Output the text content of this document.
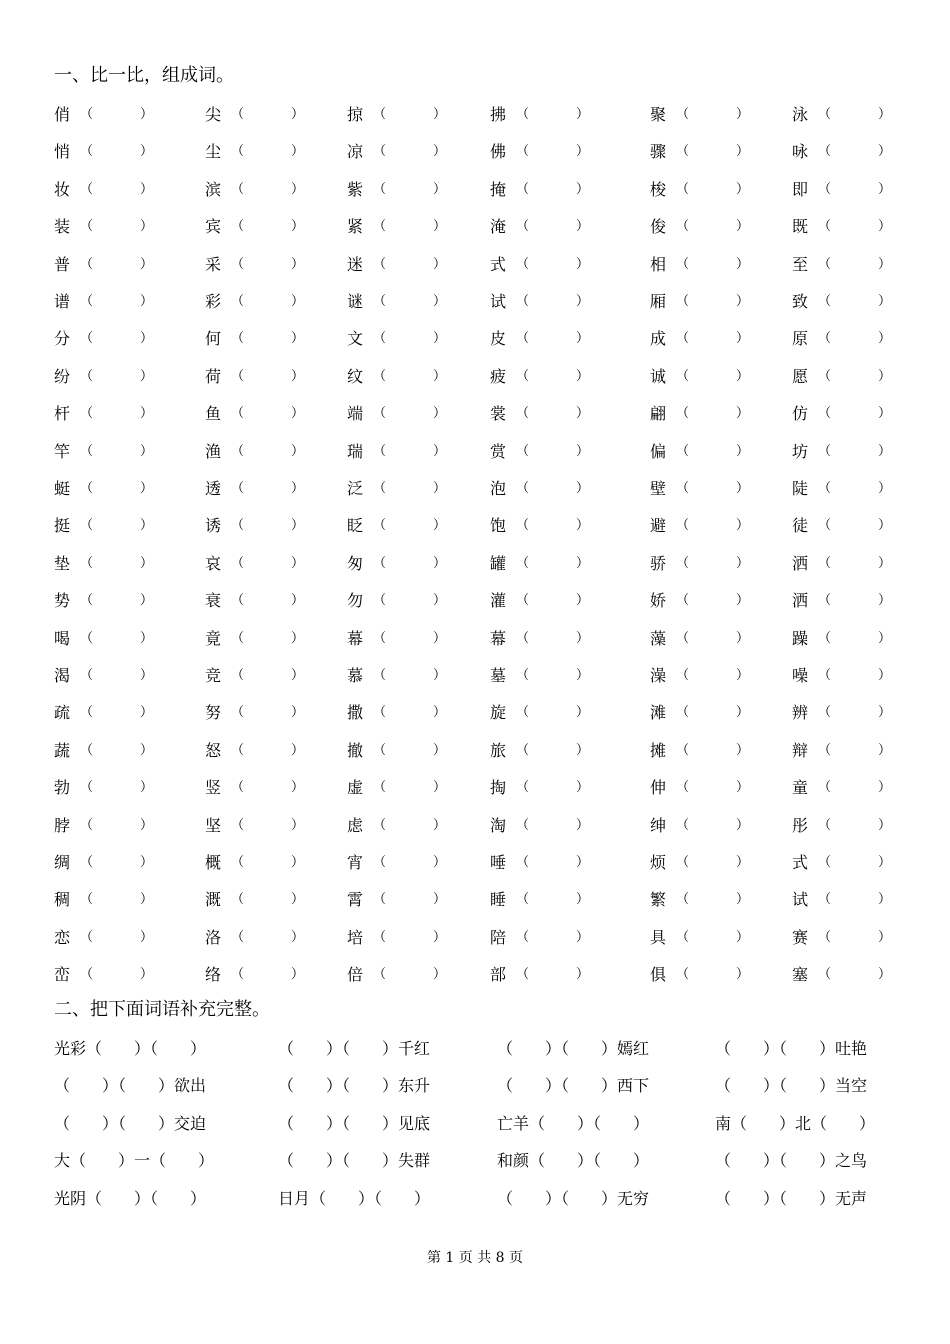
一、比一比，组成词。
俏 （	）	尖 （	）	掠 （	）	拂 （	）	聚 （	）	泳 （	）
悄 （	）	尘 （	）	凉 （	）	佛 （	）	骤 （	）	咏 （	）
妆 （	）	滨 （	）	紫 （	）	掩 （	）	梭 （	）	即 （	）
装 （	）	宾 （	）	紧 （	）	淹 （	）	俊 （	）	既 （	）
普 （	）	采 （	）	迷 （	）	式 （	）	相 （	）	至 （	）
谱 （	）	彩 （	）	谜 （	）	试 （	）	厢 （	）	致 （	）
分 （	）	何 （	）	文 （	）	皮 （	）	成 （	）	原 （	）
纷 （	）	荷 （	）	纹 （	）	疲 （	）	诚 （	）	愿 （	）
杆 （	）	鱼 （	）	端 （	）	裳 （	）	翩 （	）	仿 （	）
竿 （	）	渔 （	）	瑞 （	）	赏 （	）	偏 （	）	坊 （	）
蜓 （	）	透 （	）	泛 （	）	泡 （	）	壁 （	）	陡 （	）
挺 （	）	诱 （	）	眨 （	）	饱 （	）	避 （	）	徒 （	）
垫 （	）	哀 （	）	匆 （	）	罐 （	）	骄 （	）	洒 （	）
势 （	）	衰 （	）	勿 （	）	灌 （	）	娇 （	）	洒 （	）
喝 （	）	竟 （	）	幕 （	）	幕 （	）	藻 （	）	躁 （	）
渴 （	）	竞 （	）	慕 （	）	墓 （	）	澡 （	）	噪 （	）
疏 （	）	努 （	）	撒 （	）	旋 （	）	滩 （	）	辨 （	）
蔬 （	）	怒 （	）	撤 （	）	旅 （	）	摊 （	）	辩 （	）
勃 （	）	竖 （	）	虚 （	）	掏 （	）	伸 （	）	童 （	）
脖 （	）	坚 （	）	虑 （	）	淘 （	）	绅 （	）	彤 （	）
绸 （	）	概 （	）	宵 （	）	唾 （	）	烦 （	）	式 （	）
稠 （	）	溉 （	）	霄 （	）	睡 （	）	繁 （	）	试 （	）
恋 （	）	洛 （	）	培 （	）	陪 （	）	具 （	）	赛 （	）
峦 （	）	络 （	）	倍 （	）	部 （	）	俱 （	）	塞 （	）
二、把下面词语补充完整。
光彩（　　）（　　）	（　　）（　　）千红	（　　）（　　）嫣红	（　　）（　　）吐艳
（　　）（　　）欲出	（　　）（　　）东升	（　　）（　　）西下	（　　）（　　）当空
（　　）（　　）交迫	（　　）（　　）见底	亡羊（　　）（　　）	南（　　）北（　　）
大（　　）一（　　）	（　　）（　　）失群	和颜（　　）（　　）	（　　）（　　）之鸟
光阴（　　）（　　）	日月（　　）（　　）	（　　）（　　）无穷	（　　）（　　）无声
第 1 页 共 8 页
